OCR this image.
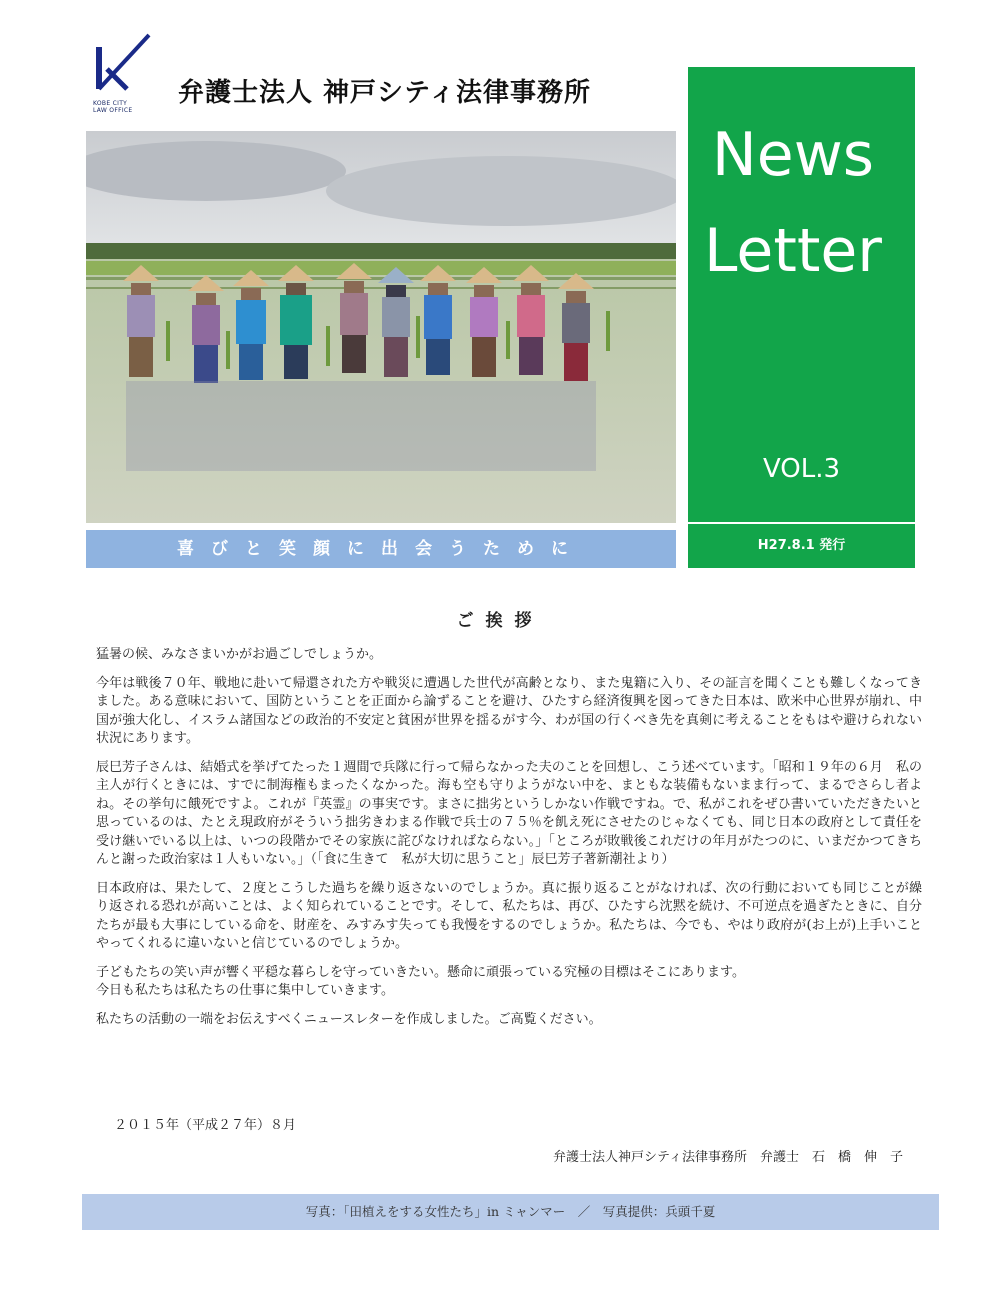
KOBE CITY
LAW OFFICE
弁護士法人 神戸シティ法律事務所
喜びと笑顔に出会うために
News
Letter
VOL.3
H27.8.1 発行
ご挨拶

猛暑の候、みなさまいかがお過ごしでしょうか。

今年は戦後７０年、戦地に赴いて帰還された方や戦災に遭遇した世代が高齢となり、また鬼籍に入り、その証言を聞くことも難しくなってきました。ある意味において、国防ということを正面から論ずることを避け、ひたすら経済復興を図ってきた日本は、欧米中心世界が崩れ、中国が強大化し、イスラム諸国などの政治的不安定と貧困が世界を揺るがす今、わが国の行くべき先を真剣に考えることをもはや避けられない状況にあります。

辰巳芳子さんは、結婚式を挙げてたった１週間で兵隊に行って帰らなかった夫のことを回想し、こう述べています。「昭和１９年の６月　私の主人が行くときには、すでに制海権もまったくなかった。海も空も守りようがない中を、まともな装備もないまま行って、まるでさらし者よね。その挙句に餓死ですよ。これが『英霊』の事実です。まさに拙劣というしかない作戦ですね。で、私がこれをぜひ書いていただきたいと思っているのは、たとえ現政府がそういう拙劣きわまる作戦で兵士の７５％を飢え死にさせたのじゃなくても、同じ日本の政府として責任を受け継いでいる以上は、いつの段階かでその家族に詫びなければならない。」「ところが敗戦後これだけの年月がたつのに、いまだかつてきちんと謝った政治家は１人もいない。」（「食に生きて　私が大切に思うこと」辰巳芳子著新潮社より）

日本政府は、果たして、２度とこうした過ちを繰り返さないのでしょうか。真に振り返ることがなければ、次の行動においても同じことが繰り返される恐れが高いことは、よく知られていることです。そして、私たちは、再び、ひたすら沈黙を続け、不可逆点を過ぎたときに、自分たちが最も大事にしている命を、財産を、みすみす失っても我慢をするのでしょうか。私たちは、今でも、やはり政府が(お上が)上手いことやってくれるに違いないと信じているのでしょうか。

子どもたちの笑い声が響く平穏な暮らしを守っていきたい。懸命に頑張っている究極の目標はそこにあります。
今日も私たちは私たちの仕事に集中していきます。

私たちの活動の一端をお伝えすべくニュースレターを作成しました。ご高覧ください。

２０１５年（平成２７年）８月
弁護士法人神戸シティ法律事務所　弁護士　石　橋　伸　子
写真：「田植えをする女性たち」in ミャンマー　／　写真提供：兵頭千夏
